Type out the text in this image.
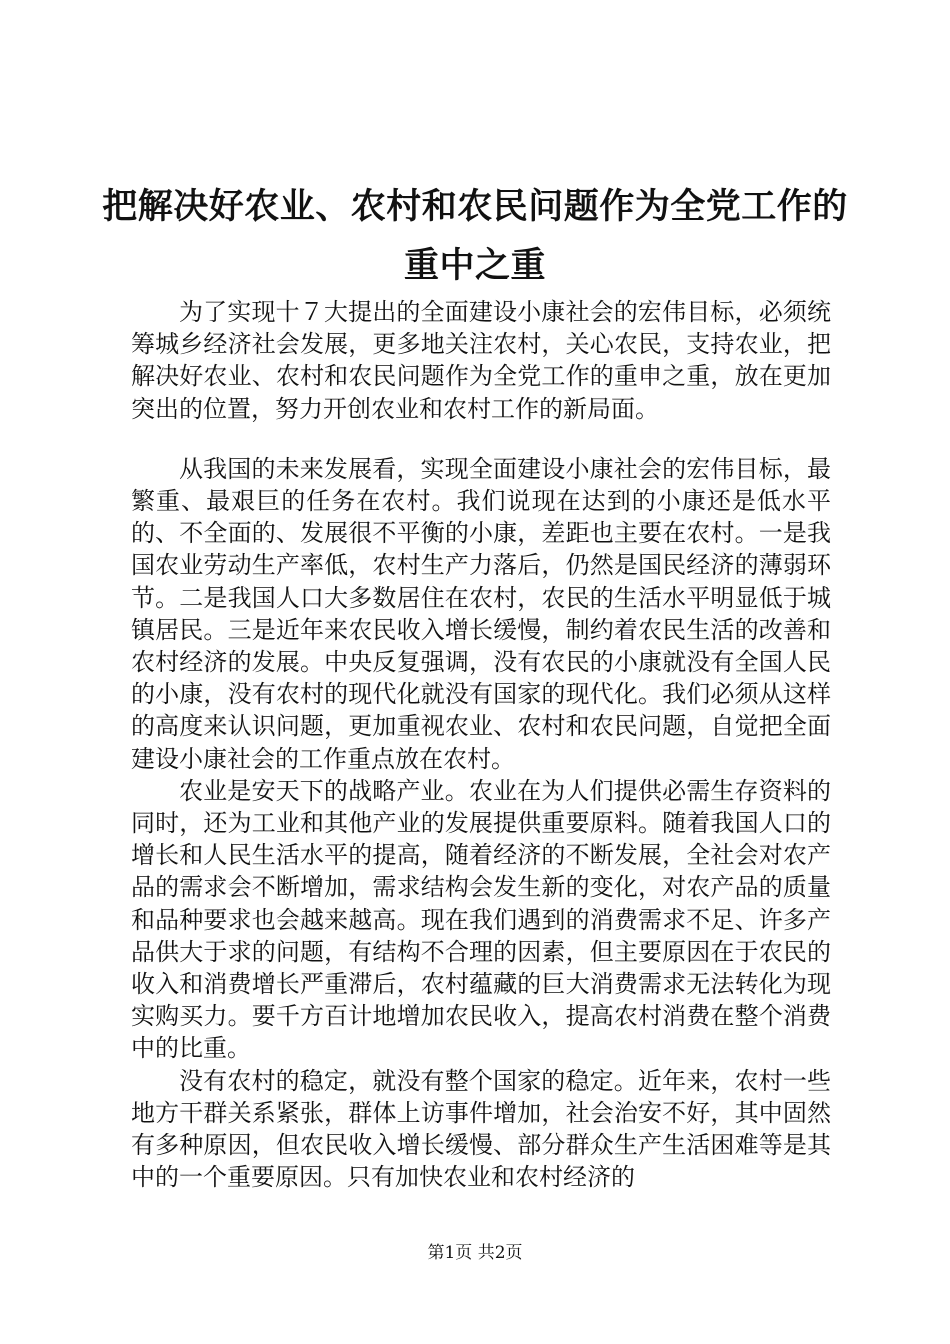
把解决好农业、农村和农民问题作为全党工作的重中之重

为了实现十７大提出的全面建设小康社会的宏伟目标，必须统筹城乡经济社会发展，更多地关注农村，关心农民，支持农业，把解决好农业、农村和农民问题作为全党工作的重申之重，放在更加突出的位置，努力开创农业和农村工作的新局面。

从我国的未来发展看，实现全面建设小康社会的宏伟目标，最繁重、最艰巨的任务在农村。我们说现在达到的小康还是低水平的、不全面的、发展很不平衡的小康，差距也主要在农村。一是我国农业劳动生产率低，农村生产力落后，仍然是国民经济的薄弱环节。二是我国人口大多数居住在农村，农民的生活水平明显低于城镇居民。三是近年来农民收入增长缓慢，制约着农民生活的改善和农村经济的发展。中央反复强调，没有农民的小康就没有全国人民的小康，没有农村的现代化就没有国家的现代化。我们必须从这样的高度来认识问题，更加重视农业、农村和农民问题，自觉把全面建设小康社会的工作重点放在农村。

农业是安天下的战略产业。农业在为人们提供必需生存资料的同时，还为工业和其他产业的发展提供重要原料。随着我国人口的增长和人民生活水平的提高，随着经济的不断发展，全社会对农产品的需求会不断增加，需求结构会发生新的变化，对农产品的质量和品种要求也会越来越高。现在我们遇到的消费需求不足、许多产品供大于求的问题，有结构不合理的因素，但主要原因在于农民的收入和消费增长严重滞后，农村蕴藏的巨大消费需求无法转化为现实购买力。要千方百计地增加农民收入，提高农村消费在整个消费中的比重。

没有农村的稳定，就没有整个国家的稳定。近年来，农村一些地方干群关系紧张，群体上访事件增加，社会治安不好，其中固然有多种原因，但农民收入增长缓慢、部分群众生产生活困难等是其中的一个重要原因。只有加快农业和农村经济的

第1页 共2页
